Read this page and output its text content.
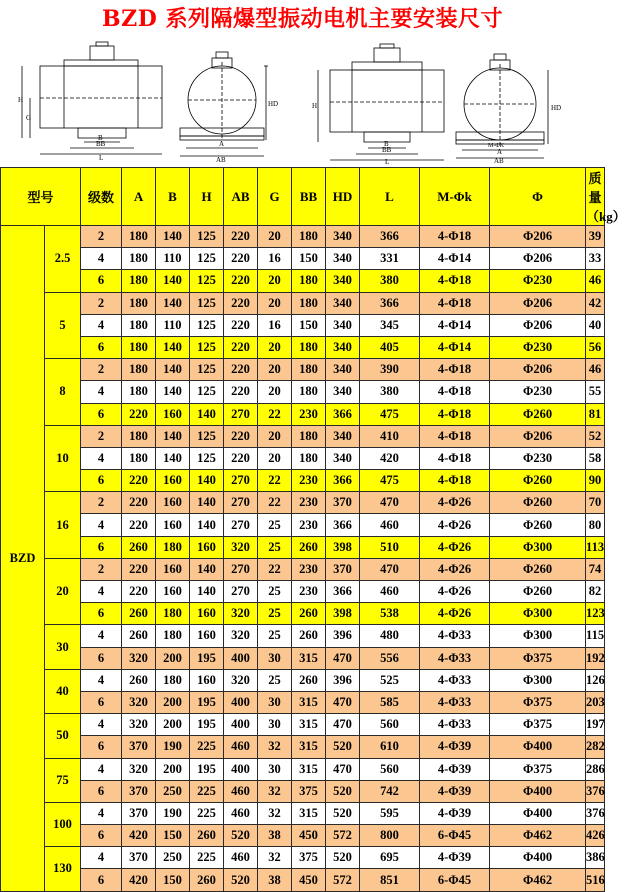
BZD 系列隔爆型振动电机主要安装尺寸
B
BB
L
H
G
A
AB
HD
B
BB
L
H
A
AB
HD
M-ΦK
型号		级数	A	B	H	AB	G	BB	HD	L	M-Φk	Φ	质量（kg）
BZD	2.5	2	180	140	125	220	20	180	340	366	4-Φ18	Φ206	39
		4	180	110	125	220	16	150	340	331	4-Φ14	Φ206	33
		6	180	140	125	220	20	180	340	380	4-Φ18	Φ230	46
	5	2	180	140	125	220	20	180	340	366	4-Φ18	Φ206	42
		4	180	110	125	220	16	150	340	345	4-Φ14	Φ206	40
		6	180	140	125	220	20	180	340	405	4-Φ14	Φ230	56
	8	2	180	140	125	220	20	180	340	390	4-Φ18	Φ206	46
		4	180	140	125	220	20	180	340	380	4-Φ18	Φ230	55
		6	220	160	140	270	22	230	366	475	4-Φ18	Φ260	81
	10	2	180	140	125	220	20	180	340	410	4-Φ18	Φ206	52
		4	180	140	125	220	20	180	340	420	4-Φ18	Φ230	58
		6	220	160	140	270	22	230	366	475	4-Φ18	Φ260	90
	16	2	220	160	140	270	22	230	370	470	4-Φ26	Φ260	70
		4	220	160	140	270	25	230	366	460	4-Φ26	Φ260	80
		6	260	180	160	320	25	260	398	510	4-Φ26	Φ300	113
	20	2	220	160	140	270	22	230	370	470	4-Φ26	Φ260	74
		4	220	160	140	270	25	230	366	460	4-Φ26	Φ260	82
		6	260	180	160	320	25	260	398	538	4-Φ26	Φ300	123
	30	4	260	180	160	320	25	260	396	480	4-Φ33	Φ300	115
		6	320	200	195	400	30	315	470	556	4-Φ33	Φ375	192
	40	4	260	180	160	320	25	260	396	525	4-Φ33	Φ300	126
		6	320	200	195	400	30	315	470	585	4-Φ33	Φ375	203
	50	4	320	200	195	400	30	315	470	560	4-Φ33	Φ375	197
		6	370	190	225	460	32	315	520	610	4-Φ39	Φ400	282
	75	4	320	200	195	400	30	315	470	560	4-Φ39	Φ375	286
		6	370	250	225	460	32	375	520	742	4-Φ39	Φ400	376
	100	4	370	190	225	460	32	315	520	595	4-Φ39	Φ400	376
		6	420	150	260	520	38	450	572	800	6-Φ45	Φ462	426
	130	4	370	250	225	460	32	375	520	695	4-Φ39	Φ400	386
		6	420	150	260	520	38	450	572	851	6-Φ45	Φ462	516
